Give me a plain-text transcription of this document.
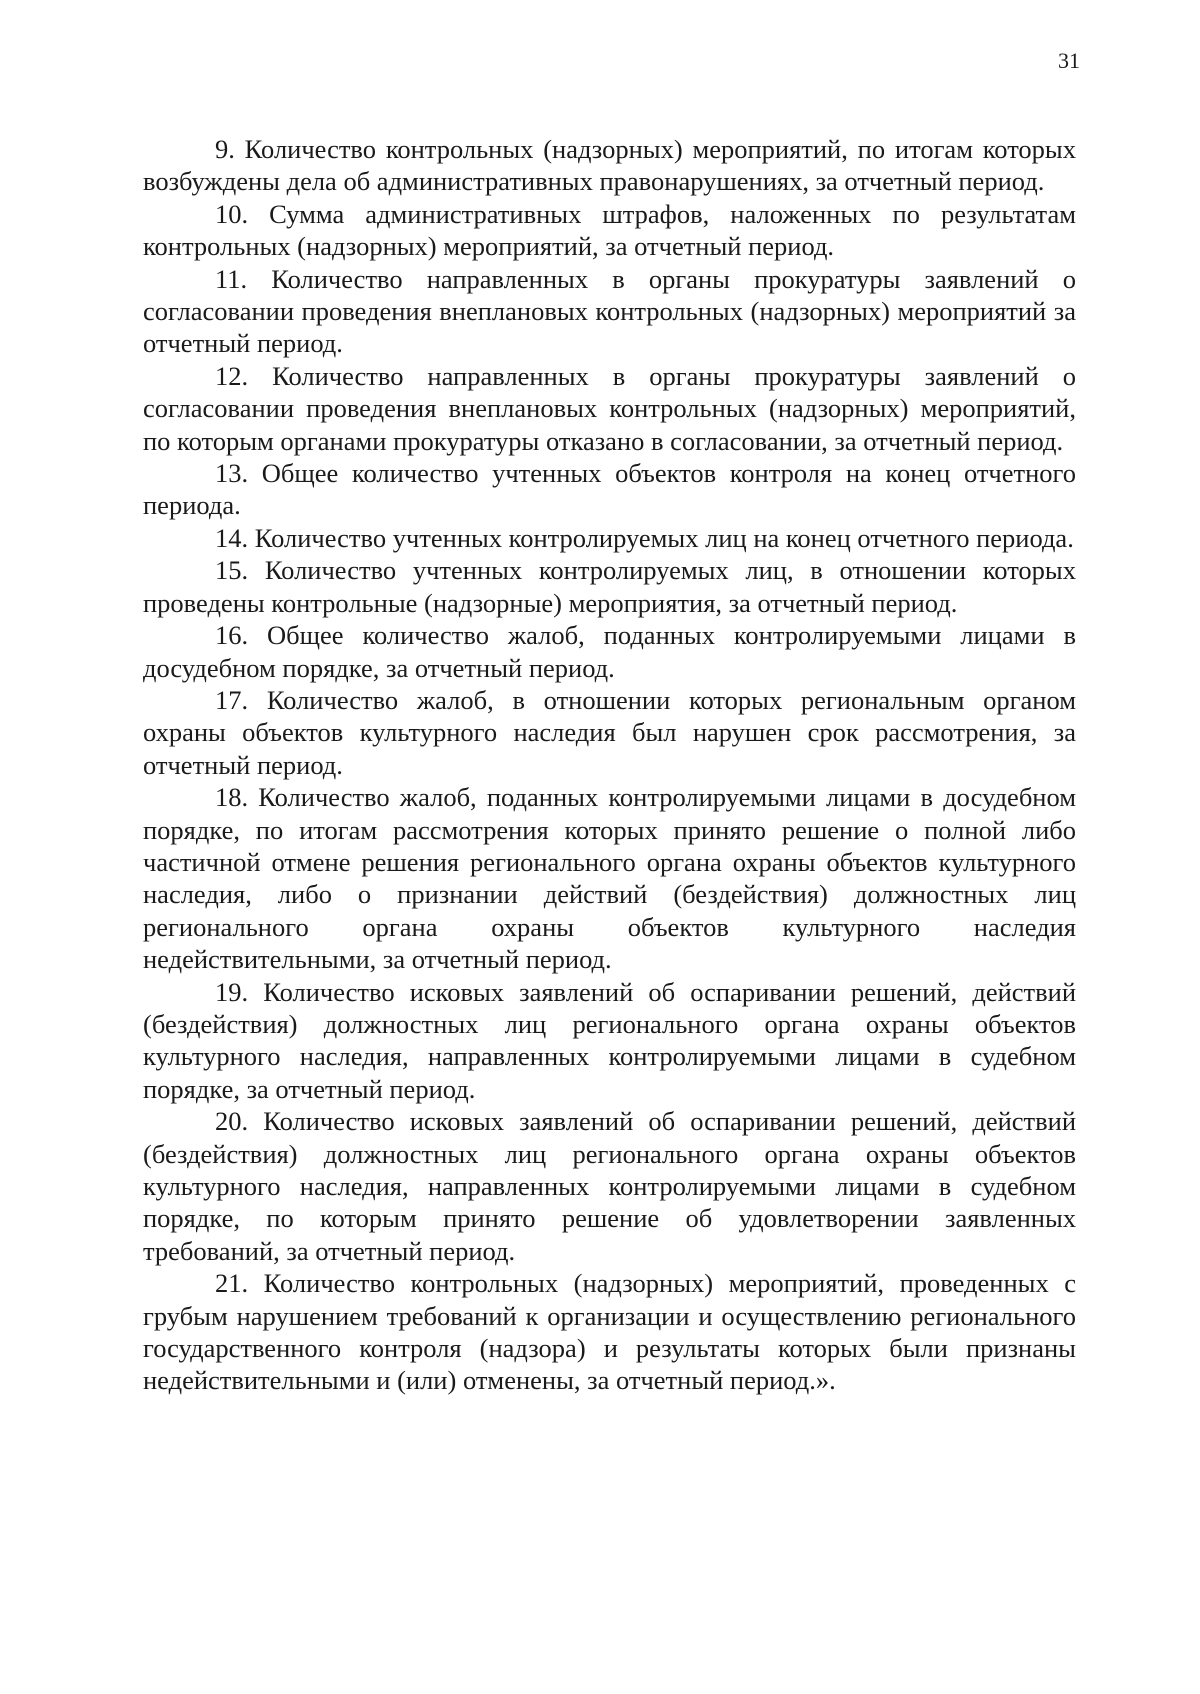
31

9. Количество контрольных (надзорных) мероприятий, по итогам которых возбуждены дела об административных правонарушениях, за отчетный период.

10. Сумма административных штрафов, наложенных по результатам контрольных (надзорных) мероприятий, за отчетный период.

11. Количество направленных в органы прокуратуры заявлений о согласовании проведения внеплановых контрольных (надзорных) мероприятий за отчетный период.

12. Количество направленных в органы прокуратуры заявлений о согласовании проведения внеплановых контрольных (надзорных) мероприятий, по которым органами прокуратуры отказано в согласовании, за отчетный период.

13. Общее количество учтенных объектов контроля на конец отчетного периода.

14. Количество учтенных контролируемых лиц на конец отчетного периода.

15. Количество учтенных контролируемых лиц, в отношении которых проведены контрольные (надзорные) мероприятия, за отчетный период.

16. Общее количество жалоб, поданных контролируемыми лицами в досудебном порядке, за отчетный период.

17. Количество жалоб, в отношении которых региональным органом охраны объектов культурного наследия был нарушен срок рассмотрения, за отчетный период.

18. Количество жалоб, поданных контролируемыми лицами в досудебном порядке, по итогам рассмотрения которых принято решение о полной либо частичной отмене решения регионального органа охраны объектов культурного наследия, либо о признании действий (бездействия) должностных лиц регионального органа охраны объектов культурного наследия недействительными, за отчетный период.

19. Количество исковых заявлений об оспаривании решений, действий (бездействия) должностных лиц регионального органа охраны объектов культурного наследия, направленных контролируемыми лицами в судебном порядке, за отчетный период.

20. Количество исковых заявлений об оспаривании решений, действий (бездействия) должностных лиц регионального органа охраны объектов культурного наследия, направленных контролируемыми лицами в судебном порядке, по которым принято решение об удовлетворении заявленных требований, за отчетный период.

21. Количество контрольных (надзорных) мероприятий, проведенных с грубым нарушением требований к организации и осуществлению регионального государственного контроля (надзора) и результаты которых были признаны недействительными и (или) отменены, за отчетный период.».
